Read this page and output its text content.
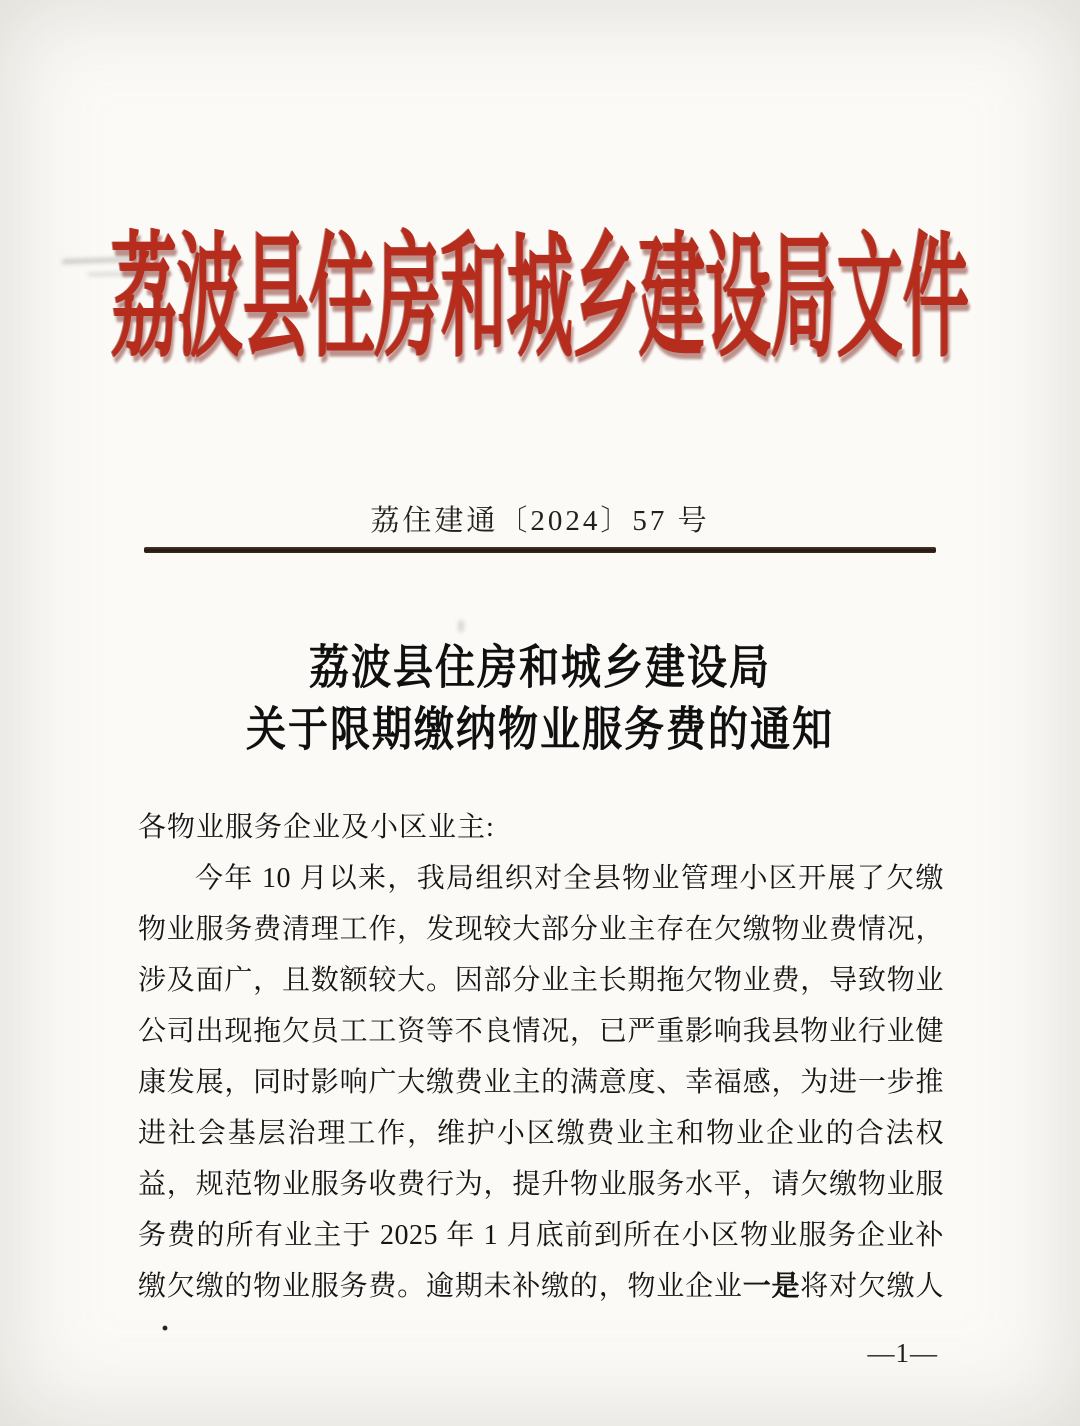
荔波县住房和城乡建设局文件
荔住建通〔2024〕57 号
荔波县住房和城乡建设局
关于限期缴纳物业服务费的通知
各物业服务企业及小区业主:
今年 10 月以来，我局组织对全县物业管理小区开展了欠缴
物业服务费清理工作，发现较大部分业主存在欠缴物业费情况，
涉及面广，且数额较大。因部分业主长期拖欠物业费，导致物业
公司出现拖欠员工工资等不良情况，已严重影响我县物业行业健
康发展，同时影响广大缴费业主的满意度、幸福感，为进一步推
进社会基层治理工作，维护小区缴费业主和物业企业的合法权
益，规范物业服务收费行为，提升物业服务水平，请欠缴物业服
务费的所有业主于 2025 年 1 月底前到所在小区物业服务企业补
缴欠缴的物业服务费。逾期未补缴的，物业企业一是将对欠缴人
·
—1—
